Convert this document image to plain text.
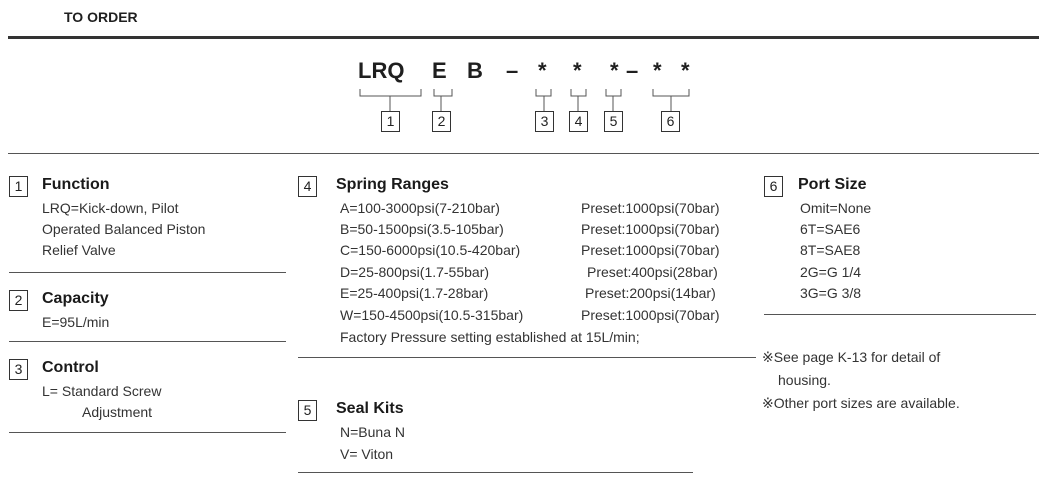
TO ORDER
LRQ E B – * * * – * *
1	2	3	4	5	6
1	Function
LRQ=Kick-down, Pilot
Operated Balanced Piston
Relief Valve
2	Capacity
E=95L/min
3	Control
L= Standard Screw
Adjustment
4	Spring Ranges
A=100-3000psi(7-210bar)	Preset:1000psi(70bar)
B=50-1500psi(3.5-105bar)	Preset:1000psi(70bar)
C=150-6000psi(10.5-420bar)	Preset:1000psi(70bar)
D=25-800psi(1.7-55bar)	Preset:400psi(28bar)
E=25-400psi(1.7-28bar)	Preset:200psi(14bar)
W=150-4500psi(10.5-315bar)	Preset:1000psi(70bar)
Factory Pressure setting established at 15L/min;
5	Seal Kits
N=Buna N
V= Viton
6	Port Size
Omit=None
6T=SAE6
8T=SAE8
2G=G 1/4
3G=G 3/8
※See page K-13 for detail of
housing.
※Other port sizes are available.
